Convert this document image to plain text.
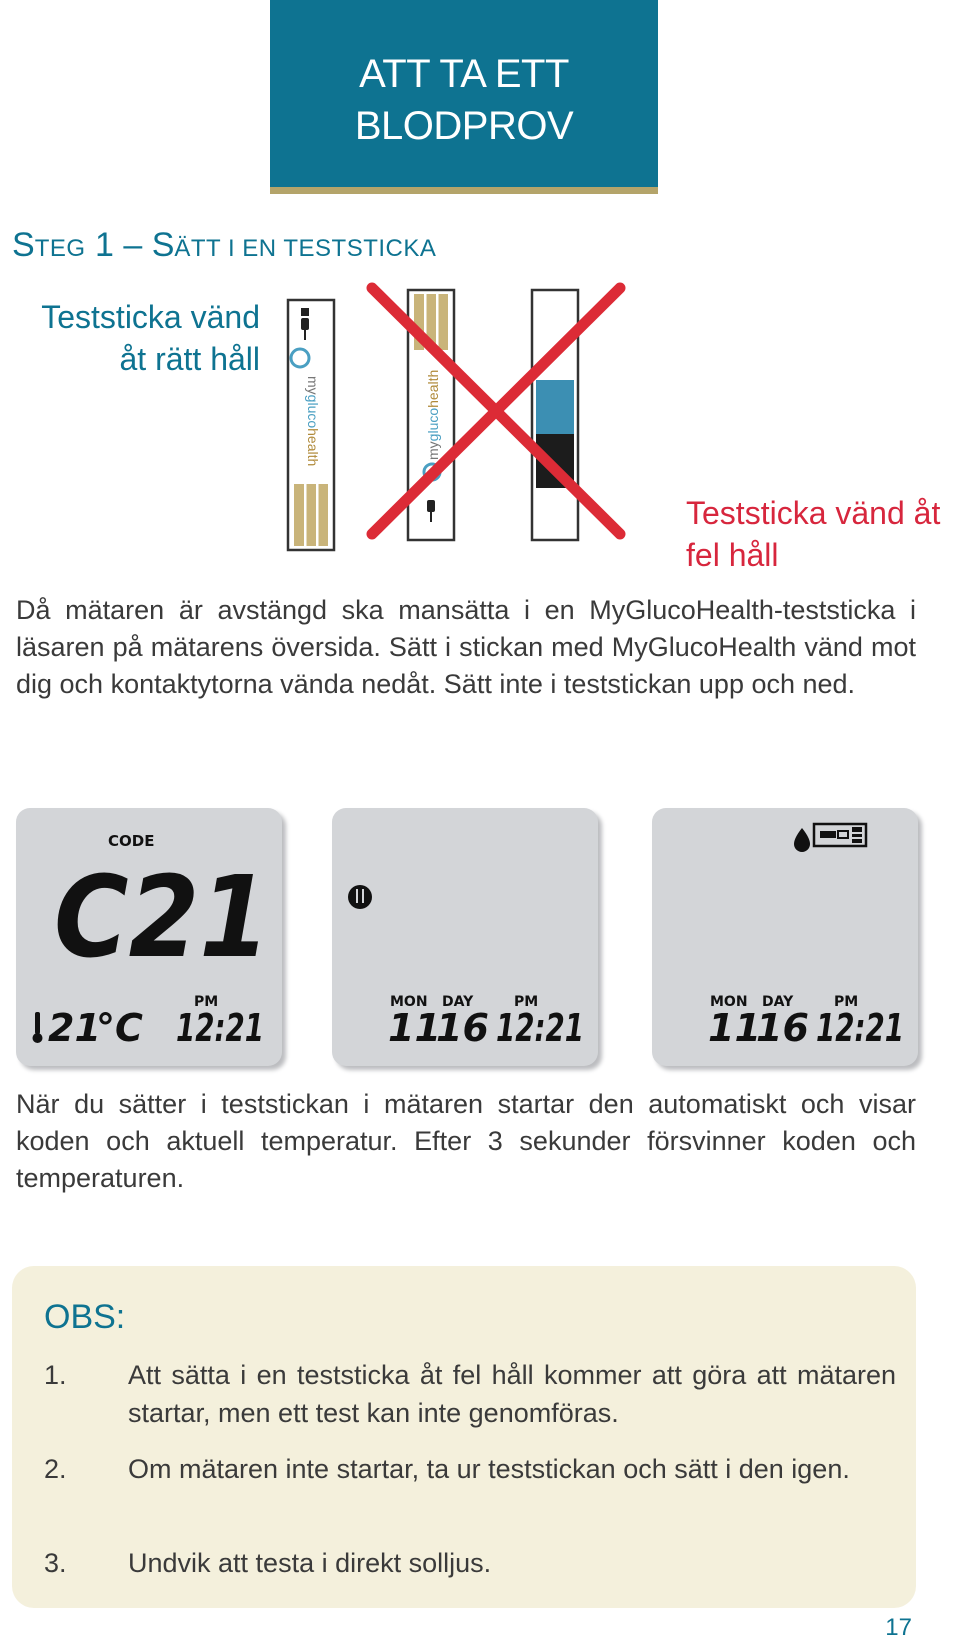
ATT TA ETT
BLODPROV
STEG 1 – SÄTT I EN TESTSTICKA
Teststicka vänd
åt rätt håll
Teststicka vänd åt
fel håll
myglucohealth	myglucohealth

Då mätaren är avstängd ska mansätta i en MyGlucoHealth-teststicka i läsaren på mätarens översida. Sätt i stickan med MyGlucoHealth vänd mot dig och kontaktytorna vända nedåt. Sätt inte i teststickan upp och ned.

CODE
C21
21
°C
PM
12:21
MON DAY	PM
11
16 12:21
MON DAY	PM
11
16 12:21

När du sätter i teststickan i mätaren startar den automatiskt och visar koden och aktuell temperatur. Efter 3 sekunder försvinner koden och temperaturen.

OBS:
1.	Att sätta i en teststicka åt fel håll kommer att göra att mätaren startar, men ett test kan inte genomföras.
2.	Om mätaren inte startar, ta ur teststickan och sätt i den igen.
3.	Undvik att testa i direkt solljus.
17
